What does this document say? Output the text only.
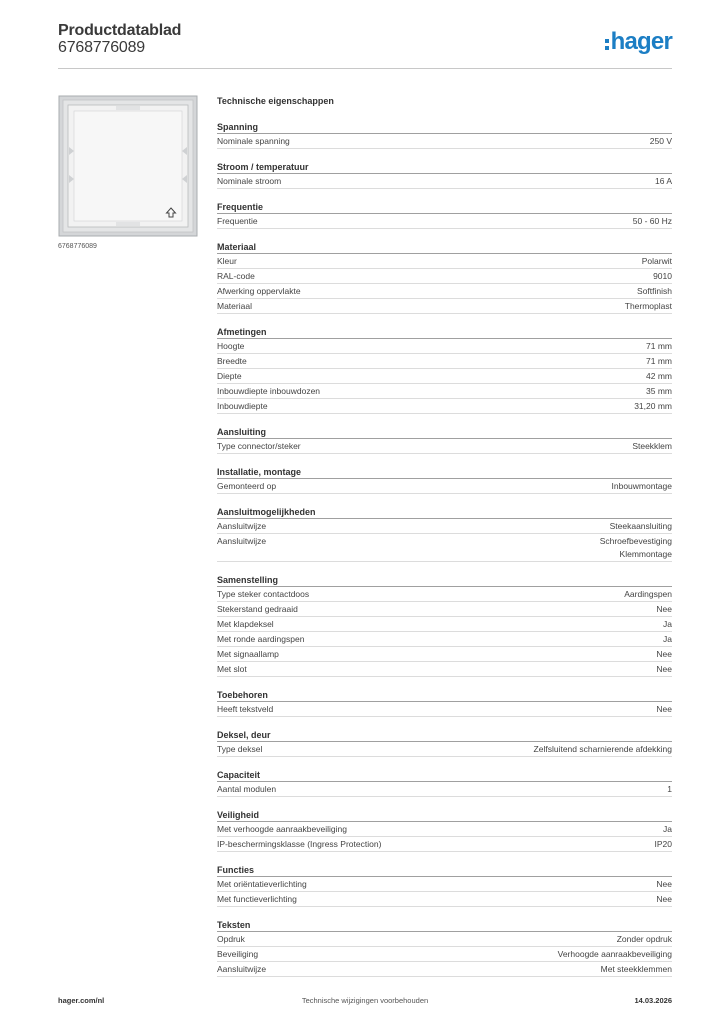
Productdatablad
6768776089	hager
6768776089
Technische eigenschappen
Spanning
Nominale spanning	250 V
Stroom / temperatuur
Nominale stroom	16 A
Frequentie
Frequentie	50 - 60 Hz
Materiaal
Kleur	Polarwit
RAL-code	9010
Afwerking oppervlakte	Softfinish
Materiaal	Thermoplast
Afmetingen
Hoogte	71 mm
Breedte	71 mm
Diepte	42 mm
Inbouwdiepte inbouwdozen	35 mm
Inbouwdiepte	31,20 mm
Aansluiting
Type connector/steker	Steekklem
Installatie, montage
Gemonteerd op	Inbouwmontage
Aansluitmogelijkheden
Aansluitwijze	Steekaansluiting
Aansluitwijze	Schroefbevestiging
Klemmontage
Samenstelling
Type steker contactdoos	Aardingspen
Stekerstand gedraaid	Nee
Met klapdeksel	Ja
Met ronde aardingspen	Ja
Met signaallamp	Nee
Met slot	Nee
Toebehoren
Heeft tekstveld	Nee
Deksel, deur
Type deksel	Zelfsluitend scharnierende afdekking
Capaciteit
Aantal modulen	1
Veiligheid
Met verhoogde aanraakbeveiliging	Ja
IP-beschermingsklasse (Ingress Protection)	IP20
Functies
Met oriëntatieverlichting	Nee
Met functieverlichting	Nee
Teksten
Opdruk	Zonder opdruk
Beveiliging	Verhoogde aanraakbeveiliging
Aansluitwijze	Met steekklemmen
hager.com/nl	Technische wijzigingen voorbehouden	14.03.2026
